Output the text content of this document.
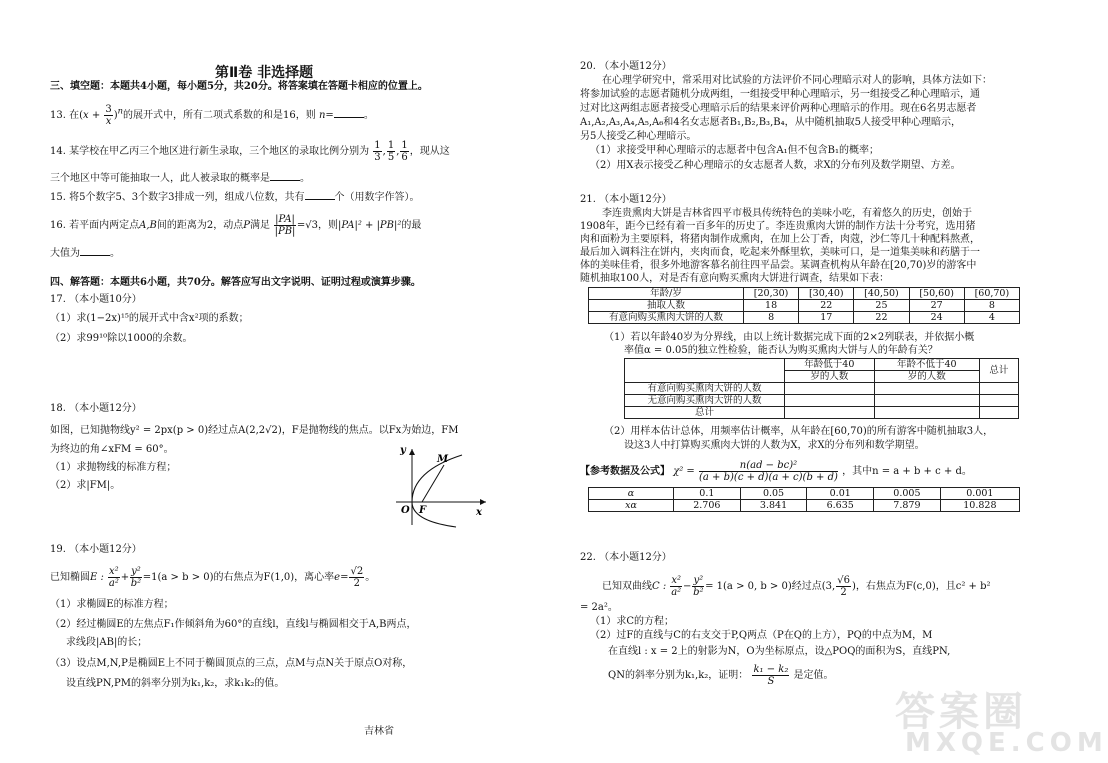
第Ⅱ卷 非选择题
三、填空题：本题共4小题，每小题5分，共20分。将答案填在答题卡相应的位置上。
13. 在$(x + \frac{3}{x} )^n$的展开式中，所有二项式系数的和是16，则 n=	。
14. 某学校在甲乙丙三个地区进行新生录取，三个地区的录取比例分别为 $\frac{1}{3}$ , $\frac{1}{5}$ , $\frac{1}{6}$ ，现从这
三个地区中等可能抽取一人，此人被录取的概率是	。
15. 将5个数字5、3个数字3排成一列，组成八位数，共有	个（用数字作答）。
16. 若平面内两定点A,B间的距离为2，动点P满足 $\frac{|PA|}{|PB|} =√3$，则|PA|² + |PB|²的最
大值为	。
四、解答题：本题共6小题，共70分。解答应写出文字说明、证明过程或演算步骤。
17. （本小题10分）
（1）求(1−2x)¹⁵的展开式中含x²项的系数；
（2）求99¹⁰除以1000的余数。
18. （本小题12分）
如图，已知抛物线y² = 2px(p > 0)经过点A(2,2√2)，F是抛物线的焦点。以Fx为始边，FM
为终边的角∠xFM = 60°。
（1）求抛物线的标准方程；
（2）求|FM|。
19. （本小题12分）
已知椭圆E : $\frac{\text{x²}}{\text{a²}} + \frac{\text{y²}}{\text{b²}} =1(a > b > 0)$的右焦点为F(1,0)，离心率$e= \frac{√2}{2}$ 。
（1）求椭圆E的标准方程；
（2）经过椭圆E的左焦点F₁作倾斜角为60°的直线l，直线l与椭圆相交于A,B两点，
求线段|AB|的长；
（3）设点M,N,P是椭圆E上不同于椭圆顶点的三点，点M与点N关于原点O对称，
设直线PN,PM的斜率分别为k₁,k₂，求k₁k₂的值。
y
x
O F
M
20. （本小题12分）
在心理学研究中，常采用对比试验的方法评价不同心理暗示对人的影响，具体方法如下：
将参加试验的志愿者随机分成两组，一组接受甲种心理暗示，另一组接受乙种心理暗示，通
过对比这两组志愿者接受心理暗示后的结果来评价两种心理暗示的作用。现在6名男志愿者
A₁,A₂,A₃,A₄,A₅,A₆和4名女志愿者B₁,B₂,B₃,B₄，从中随机抽取5人接受甲种心理暗示，
另5人接受乙种心理暗示。
（1）求接受甲种心理暗示的志愿者中包含A₁但不包含B₁的概率；
（2）用X表示接受乙种心理暗示的女志愿者人数，求X的分布列及数学期望、方差。
21. （本小题12分）
李连贵熏肉大饼是吉林省四平市极具传统特色的美味小吃，有着悠久的历史，创始于
1908年，距今已经有着一百多年的历史了。李连贵熏肉大饼的制作方法十分考究，选用猪
肉和面粉为主要原料，将猪肉制作成熏肉，在加上公丁香，肉蔻，沙仁等几十种配料熬煮，
最后加入调料注在饼内，夹肉而食，吃起来外酥里软，美味可口，是一道集美味和药膳于一
体的美味佳肴，很多外地游客慕名前往四平品尝。某调查机构从年龄在[20,70)岁的游客中
随机抽取100人，对是否有意向购买熏肉大饼进行调查，结果如下表：
年龄/岁	[20,30)	[30,40)	[40,50)	[50,60)	[60,70)
抽取人数	18	22	25	27	8
有意向购买熏肉大饼的人数	8	17	22	24	4
（1）若以年龄40岁为分界线，由以上统计数据完成下面的2×2列联表，并依据小概
率值α = 0.05的独立性检验，能否认为购买熏肉大饼与人的年龄有关？
	年龄低于40	年龄不低于40	总计
	岁的人数	岁的人数	
有意向购买熏肉大饼的人数			
无意向购买熏肉大饼的人数			
总计			
（2）用样本估计总体，用频率估计概率，从年龄在[60,70)的所有游客中随机抽取3人，
设这3人中打算购买熏肉大饼的人数为X，求X的分布列和数学期望。
【参考数据及公式】 $\chi^2 = \frac{\text{n(ad − bc)²}}{(a + b)(c + d)(a + c)(b + d)}$ ，其中n = a + b + c + d。
α	0.1	0.05	0.01	0.005	0.001
xα	2.706	3.841	6.635	7.879	10.828
22. （本小题12分）
已知双曲线C : $\frac{\text{x²}}{\text{a²}} - \frac{\text{y²}}{\text{b²}} = 1(a > 0$, b > 0)经过点(3, $\frac{√6}{2}$ )，右焦点为F(c,0)，且c² + b²
= 2a²。
（1）求C的方程；
（2）过F的直线与C的右支交于P,Q两点（P在Q的上方），PQ的中点为M，M
在直线l : x = 2上的射影为N，O为坐标原点，设△POQ的面积为S，直线PN,
QN的斜率分别为k₁,k₂，证明： $\frac{\text{k₁ − k₂}}{S}$ 是定值。
吉林省	答案圈
MXQE.COM
